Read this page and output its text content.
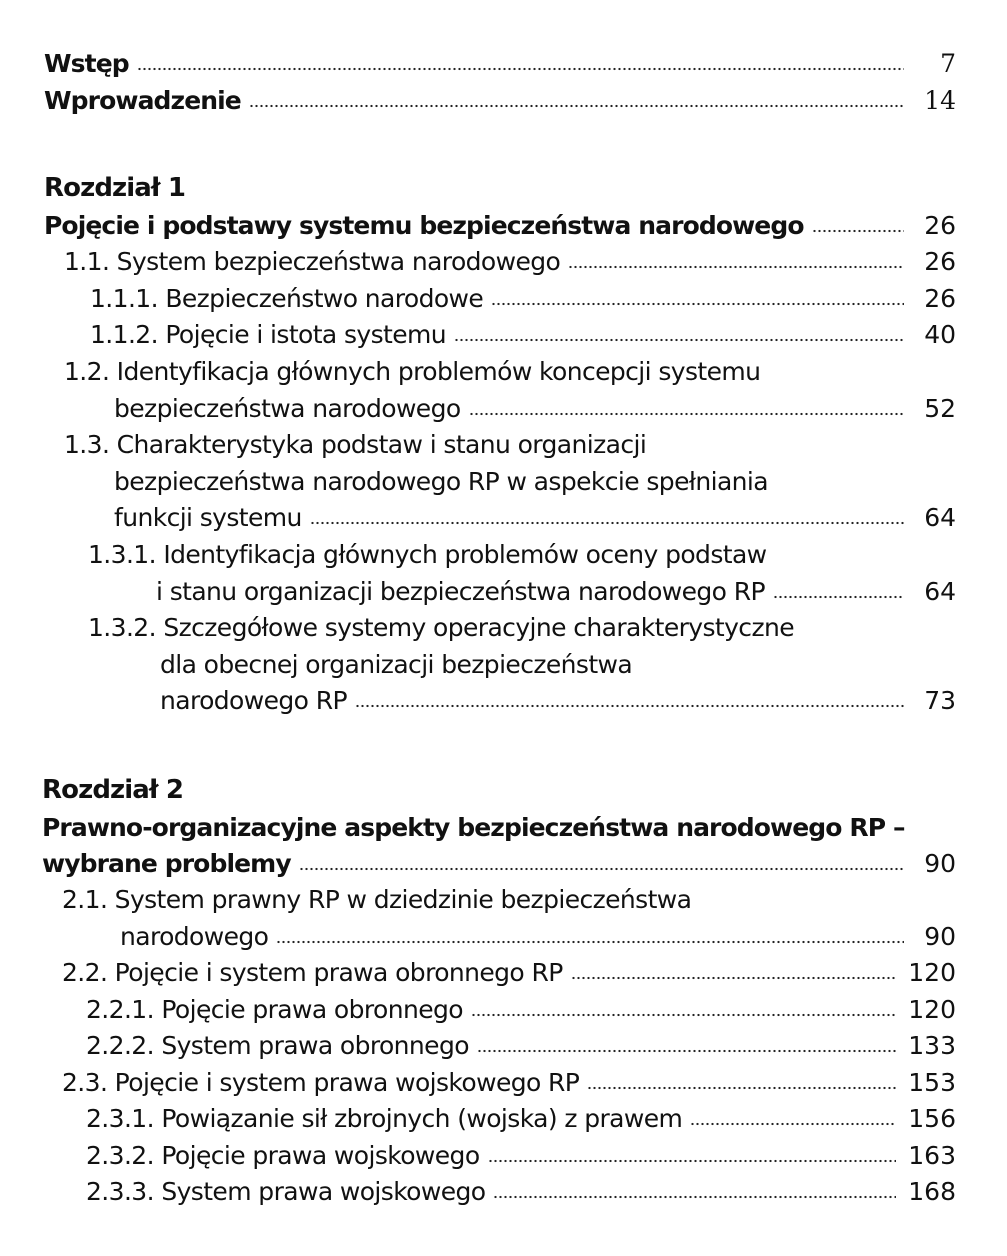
Wstęp	7
Wprowadzenie	14
Rozdział 1
Pojęcie i podstawy systemu bezpieczeństwa narodowego	26
1.1.
System bezpieczeństwa narodowego	26
1.1.1.
Bezpieczeństwo narodowe	26
1.1.2.
Pojęcie i istota systemu	40
1.2.
Identyfikacja głównych problemów koncepcji systemu
bezpieczeństwa narodowego	52
1.3.
Charakterystyka podstaw i stanu organizacji
bezpieczeństwa narodowego RP w aspekcie spełniania
funkcji systemu	64
1.3.1.
Identyfikacja głównych problemów oceny podstaw
i stanu organizacji bezpieczeństwa narodowego RP	64
1.3.2.
Szczegółowe systemy operacyjne charakterystyczne
dla obecnej organizacji bezpieczeństwa
narodowego RP	73
Rozdział 2
Prawno-organizacyjne aspekty bezpieczeństwa narodowego RP –
wybrane problemy	90
2.1.
System prawny RP w dziedzinie bezpieczeństwa
narodowego	90
2.2.
Pojęcie i system prawa obronnego RP	120
2.2.1.
Pojęcie prawa obronnego	120
2.2.2.
System prawa obronnego	133
2.3.
Pojęcie i system prawa wojskowego RP	153
2.3.1.
Powiązanie sił zbrojnych (wojska) z prawem	156
2.3.2.
Pojęcie prawa wojskowego	163
2.3.3.
System prawa wojskowego	168
